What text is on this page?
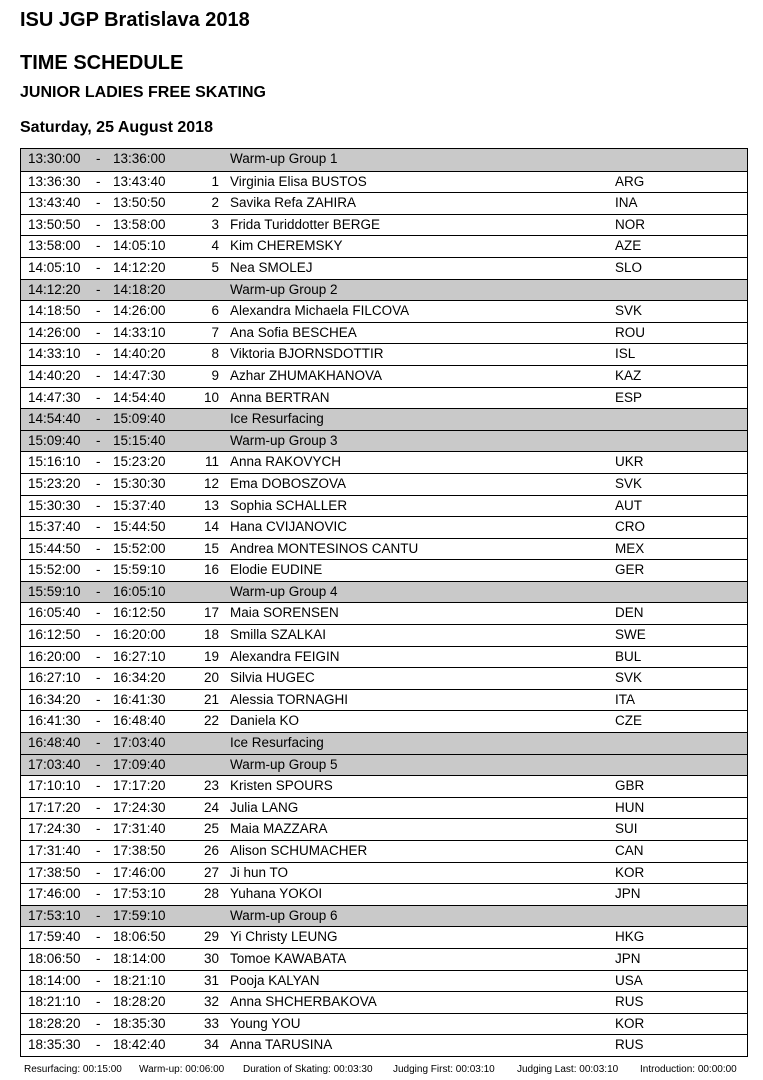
ISU JGP Bratislava 2018
TIME SCHEDULE
JUNIOR LADIES FREE SKATING
Saturday, 25 August 2018
13:30:00 - 13:36:00	Warm-up Group 1
13:36:30 - 13:43:40	1 Virginia Elisa BUSTOS	ARG
13:43:40 - 13:50:50	2 Savika Refa ZAHIRA	INA
13:50:50 - 13:58:00	3 Frida Turiddotter BERGE	NOR
13:58:00 - 14:05:10	4 Kim CHEREMSKY	AZE
14:05:10 - 14:12:20	5 Nea SMOLEJ	SLO
14:12:20 - 14:18:20	Warm-up Group 2
14:18:50 - 14:26:00	6 Alexandra Michaela FILCOVA	SVK
14:26:00 - 14:33:10	7 Ana Sofia BESCHEA	ROU
14:33:10 - 14:40:20	8 Viktoria BJORNSDOTTIR	ISL
14:40:20 - 14:47:30	9 Azhar ZHUMAKHANOVA	KAZ
14:47:30 - 14:54:40	10 Anna BERTRAN	ESP
14:54:40 - 15:09:40	Ice Resurfacing
15:09:40 - 15:15:40	Warm-up Group 3
15:16:10 - 15:23:20	11 Anna RAKOVYCH	UKR
15:23:20 - 15:30:30	12 Ema DOBOSZOVA	SVK
15:30:30 - 15:37:40	13 Sophia SCHALLER	AUT
15:37:40 - 15:44:50	14 Hana CVIJANOVIC	CRO
15:44:50 - 15:52:00	15 Andrea MONTESINOS CANTU	MEX
15:52:00 - 15:59:10	16 Elodie EUDINE	GER
15:59:10 - 16:05:10	Warm-up Group 4
16:05:40 - 16:12:50	17 Maia SORENSEN	DEN
16:12:50 - 16:20:00	18 Smilla SZALKAI	SWE
16:20:00 - 16:27:10	19 Alexandra FEIGIN	BUL
16:27:10 - 16:34:20	20 Silvia HUGEC	SVK
16:34:20 - 16:41:30	21 Alessia TORNAGHI	ITA
16:41:30 - 16:48:40	22 Daniela KO	CZE
16:48:40 - 17:03:40	Ice Resurfacing
17:03:40 - 17:09:40	Warm-up Group 5
17:10:10 - 17:17:20	23 Kristen SPOURS	GBR
17:17:20 - 17:24:30	24 Julia LANG	HUN
17:24:30 - 17:31:40	25 Maia MAZZARA	SUI
17:31:40 - 17:38:50	26 Alison SCHUMACHER	CAN
17:38:50 - 17:46:00	27 Ji hun TO	KOR
17:46:00 - 17:53:10	28 Yuhana YOKOI	JPN
17:53:10 - 17:59:10	Warm-up Group 6
17:59:40 - 18:06:50	29 Yi Christy LEUNG	HKG
18:06:50 - 18:14:00	30 Tomoe KAWABATA	JPN
18:14:00 - 18:21:10	31 Pooja KALYAN	USA
18:21:10 - 18:28:20	32 Anna SHCHERBAKOVA	RUS
18:28:20 - 18:35:30	33 Young YOU	KOR
18:35:30 - 18:42:40	34 Anna TARUSINA	RUS
Resurfacing: 00:15:00 Warm-up: 00:06:00 Duration of Skating: 00:03:30 Judging First: 00:03:10 Judging Last: 00:03:10 Introduction: 00:00:00
